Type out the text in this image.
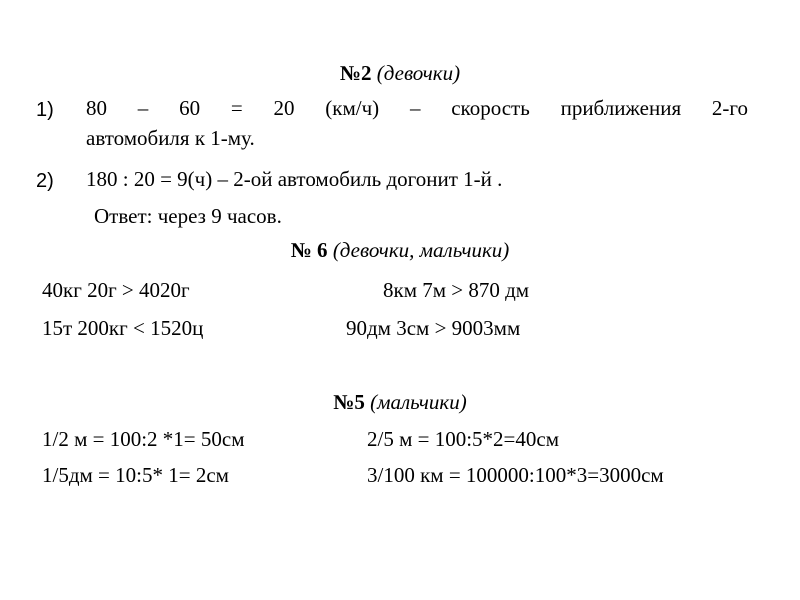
№2 (девочки)
1) 80 – 60 = 20 (км/ч) – скорость приближения 2-го
автомобиля к 1-му.
2) 180 : 20 = 9(ч) – 2-ой автомобиль догонит 1-й .
Ответ: через 9 часов.
№ 6 (девочки, мальчики)
40кг 20г > 4020г	8км 7м > 870 дм
15т 200кг < 1520ц	90дм 3см > 9003мм
№5 (мальчики)
1/2 м = 100:2 *1= 50см	2/5 м = 100:5*2=40см
1/5дм = 10:5* 1= 2см	3/100 км = 100000:100*3=3000см
